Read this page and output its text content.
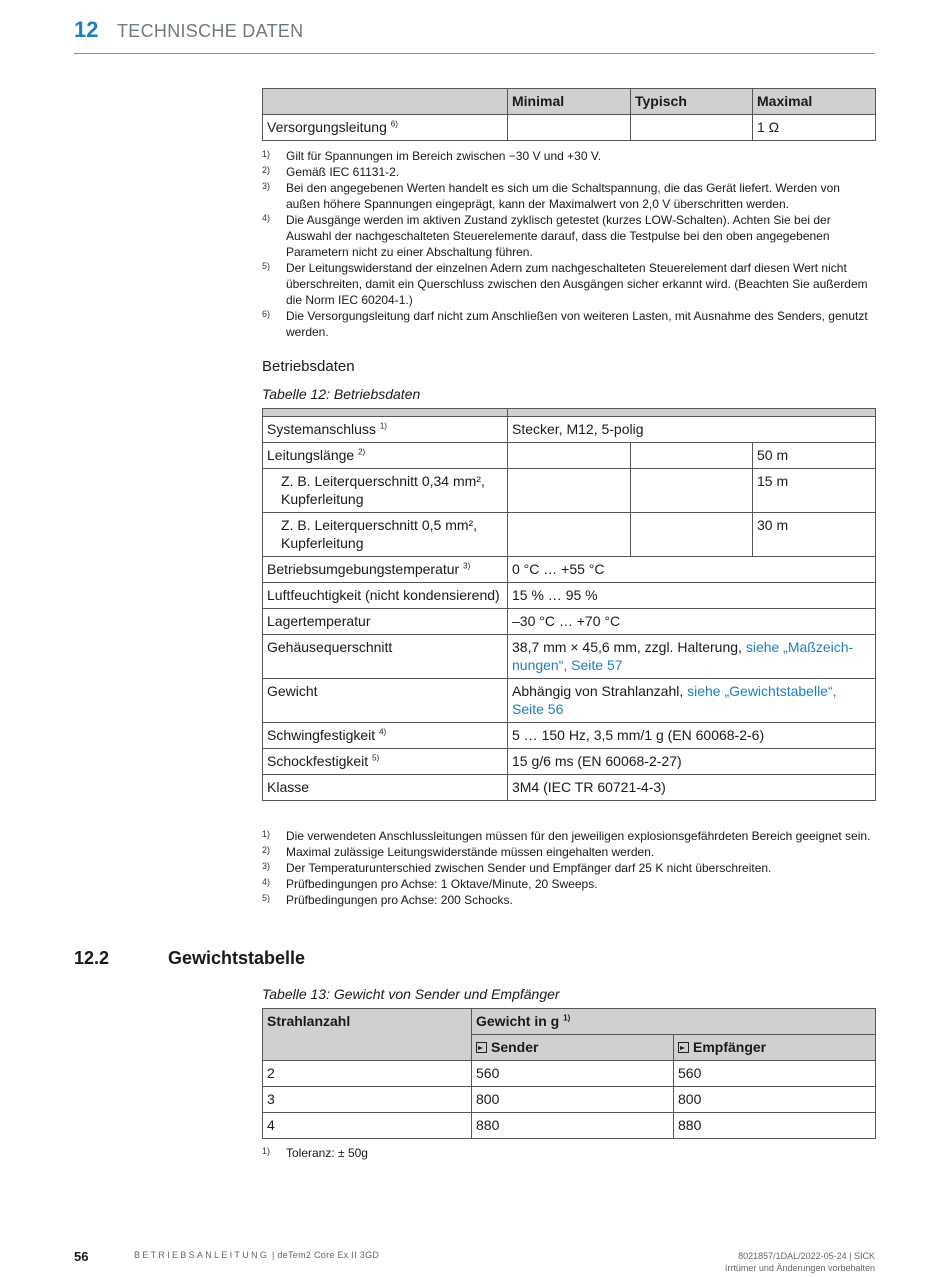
12 TECHNISCHE DATEN
	Minimal	Typisch	Maximal
Versorgungsleitung $^{6)}$			1 Ω
1)	Gilt für Spannungen im Bereich zwischen −30 V und +30 V.
2)	Gemäß IEC 61131-2.
3)	Bei den angegebenen Werten handelt es sich um die Schaltspannung, die das Gerät liefert. Werden von außen höhere Spannungen eingeprägt, kann der Maximalwert von 2,0 V überschritten werden.
4)	Die Ausgänge werden im aktiven Zustand zyklisch getestet (kurzes LOW-Schalten). Achten Sie bei der Auswahl der nachgeschalteten Steuerelemente darauf, dass die Testpulse bei den oben angegebenen Parametern nicht zu einer Abschaltung führen.
5)	Der Leitungswiderstand der einzelnen Adern zum nachgeschalteten Steuerelement darf diesen Wert nicht überschreiten, damit ein Querschluss zwischen den Ausgängen sicher erkannt wird. (Beachten Sie außerdem die Norm IEC 60204-1.)
6)	Die Versorgungsleitung darf nicht zum Anschließen von weiteren Lasten, mit Ausnahme des Senders, genutzt werden.
Betriebsdaten
Tabelle 12: Betriebsdaten

Systemanschluss $^{1)}$	Stecker, M12, 5-polig		
Leitungslänge $^{2)}$			50 m
Z. B. Leiterquerschnitt 0,34 mm², Kupferleitung			15 m
Z. B. Leiterquerschnitt 0,5 mm², Kupferleitung			30 m
Betriebsumgebungstemperatur $^{3)}$	0 °C … +55 °C		
Luftfeuchtigkeit (nicht kondensierend)	15 % … 95 %		
Lagertemperatur	–30 °C … +70 °C		
Gehäusequerschnitt	38,7 mm × 45,6 mm, zzgl. Halterung, siehe „Maßzeichnungen“, Seite 57		
Gewicht	Abhängig von Strahlanzahl, siehe „Gewichtstabelle“, Seite 56		
Schwingfestigkeit $^{4)}$	5 … 150 Hz, 3,5 mm/1 g (EN 60068-2-6)		
Schockfestigkeit $^{5)}$	15 g/6 ms (EN 60068-2-27)		
Klasse	3M4 (IEC TR 60721-4-3)		
1)	Die verwendeten Anschlussleitungen müssen für den jeweiligen explosionsgefährdeten Bereich geeignet sein.
2)	Maximal zulässige Leitungswiderstände müssen eingehalten werden.
3)	Der Temperaturunterschied zwischen Sender und Empfänger darf 25 K nicht überschreiten.
4)	Prüfbedingungen pro Achse: 1 Oktave/Minute, 20 Sweeps.
5)	Prüfbedingungen pro Achse: 200 Schocks.
12.2	Gewichtstabelle
Tabelle 13: Gewicht von Sender und Empfänger
Strahlanzahl	Gewicht in g $^{1)}$
	Sender	Empfänger
2	560	560
3	800	800
4	880	880
1)	Toleranz: ± 50g
56	BETRIEBSANLEITUNG | deTem2 Core Ex II 3GD	8021857/1DAL/2022-05-24 | SICK
Irrtümer und Änderungen vorbehalten
